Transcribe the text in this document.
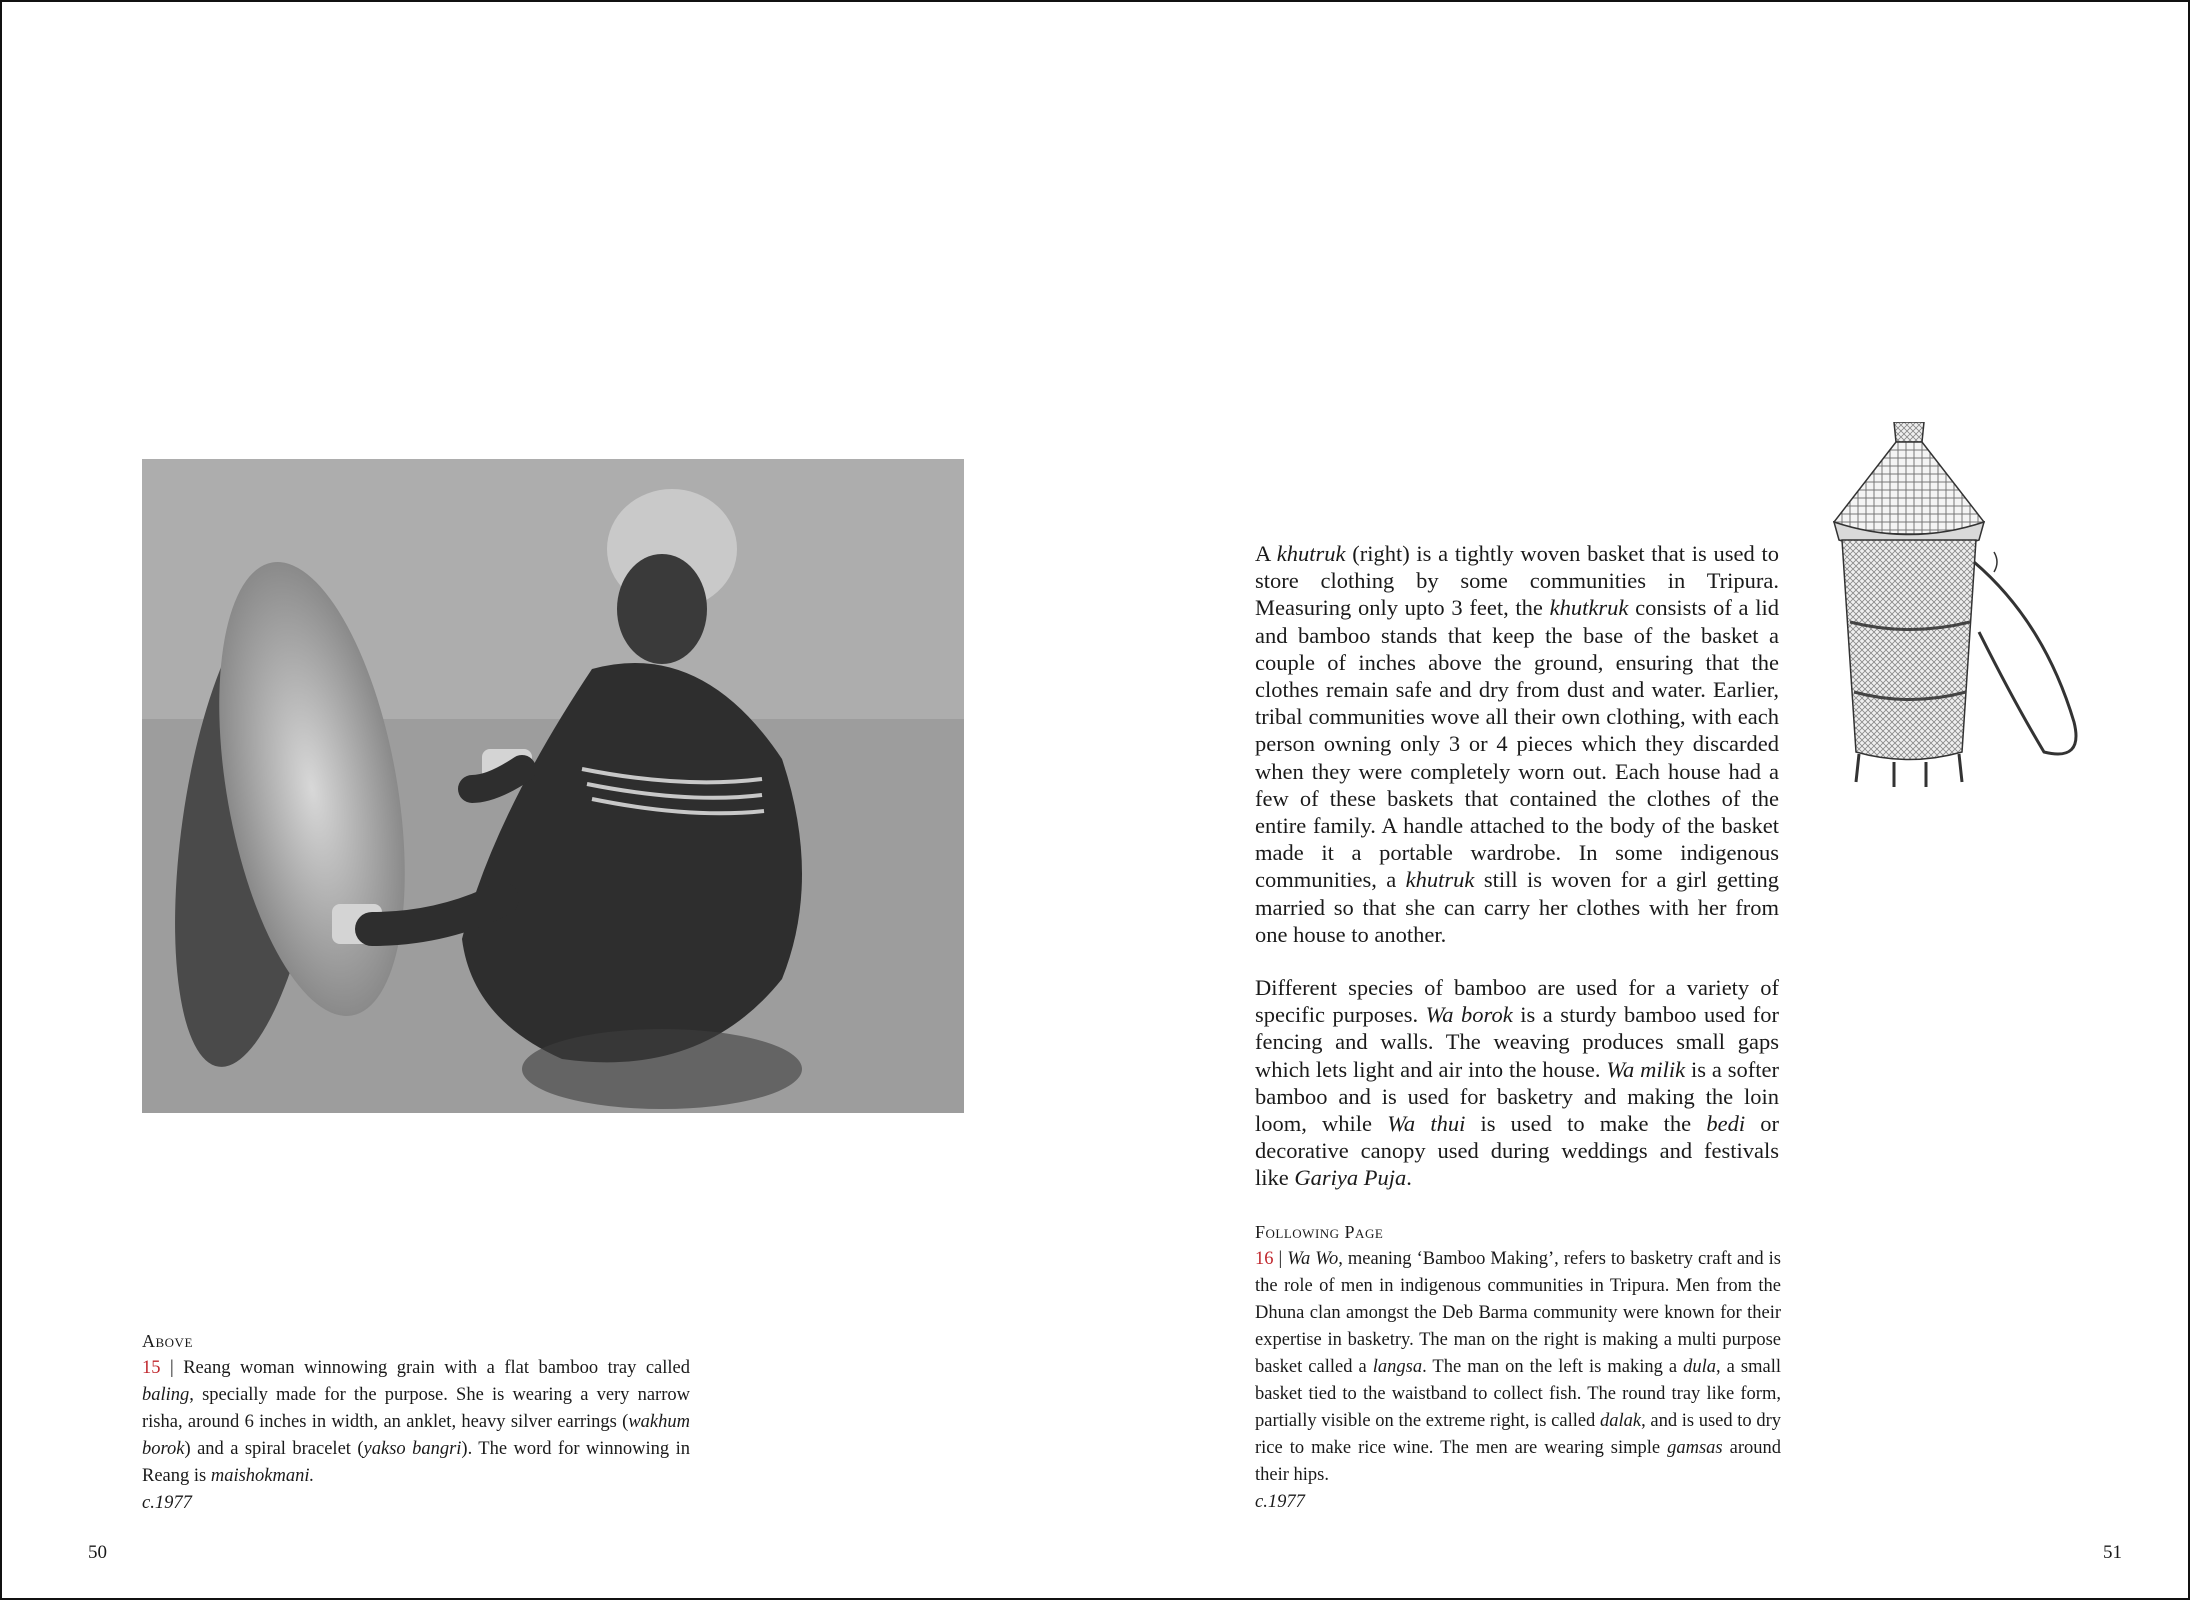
Above
15 | Reang woman winnowing grain with a flat bamboo tray called baling, specially made for the purpose. She is wearing a very narrow risha, around 6 inches in width, an anklet, heavy silver earrings (wakhum borok) and a spiral bracelet (yakso bangri). The word for winnowing in Reang is maishokmani.
c.1977
50

A khutruk (right) is a tightly woven basket that is used to store clothing by some communities in Tripura. Measuring only upto 3 feet, the khutkruk consists of a lid and bamboo stands that keep the base of the basket a couple of inches above the ground, ensuring that the clothes remain safe and dry from dust and water. Earlier, tribal communities wove all their own clothing, with each person owning only 3 or 4 pieces which they discarded when they were completely worn out. Each house had a few of these baskets that contained the clothes of the entire family. A handle attached to the body of the basket made it a portable wardrobe. In some indigenous communities, a khutruk still is woven for a girl getting married so that she can carry her clothes with her from one house to another.

Different species of bamboo are used for a variety of specific purposes. Wa borok is a sturdy bamboo used for fencing and walls. The weaving produces small gaps which lets light and air into the house. Wa milik is a softer bamboo and is used for basketry and making the loin loom, while Wa thui is used to make the bedi or decorative canopy used during weddings and festivals like Gariya Puja.

Following Page
16 | Wa Wo, meaning ‘Bamboo Making’, refers to basketry craft and is the role of men in indigenous communities in Tripura. Men from the Dhuna clan amongst the Deb Barma community were known for their expertise in basketry. The man on the right is making a multi purpose basket called a langsa. The man on the left is making a dula, a small basket tied to the waistband to collect fish. The round tray like form, partially visible on the extreme right, is called dalak, and is used to dry rice to make rice wine. The men are wearing simple gamsas around their hips.
c.1977
51
